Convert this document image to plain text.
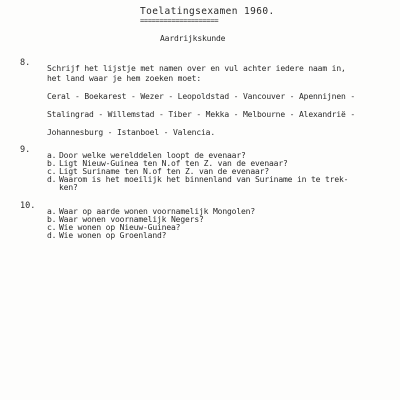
Toelatingsexamen 1960.
====================
Aardrijkskunde
8.
Schrijf het lijstje met namen over en vul achter iedere naam in,
het land waar je hem zoeken moet:
Ceral - Boekarest - Wezer - Leopoldstad - Vancouver - Apennijnen -
Stalingrad - Willemstad - Tiber - Mekka - Melbourne - Alexandrië -
Johannesburg - Istanboel - Valencia.
9.
a. Door welke werelddelen loopt de evenaar?
b. Ligt Nieuw-Guinea ten N.of ten Z. van de evenaar?
c. Ligt Suriname ten N.of ten Z. van de evenaar?
d. Waarom is het moeilijk het binnenland van Suriname in te trek-
ken?
10.
a. Waar op aarde wonen voornamelijk Mongolen?
b. Waar wonen voornamelijk Negers?
c. Wie wonen op Nieuw-Guinea?
d. Wie wonen op Groenland?
